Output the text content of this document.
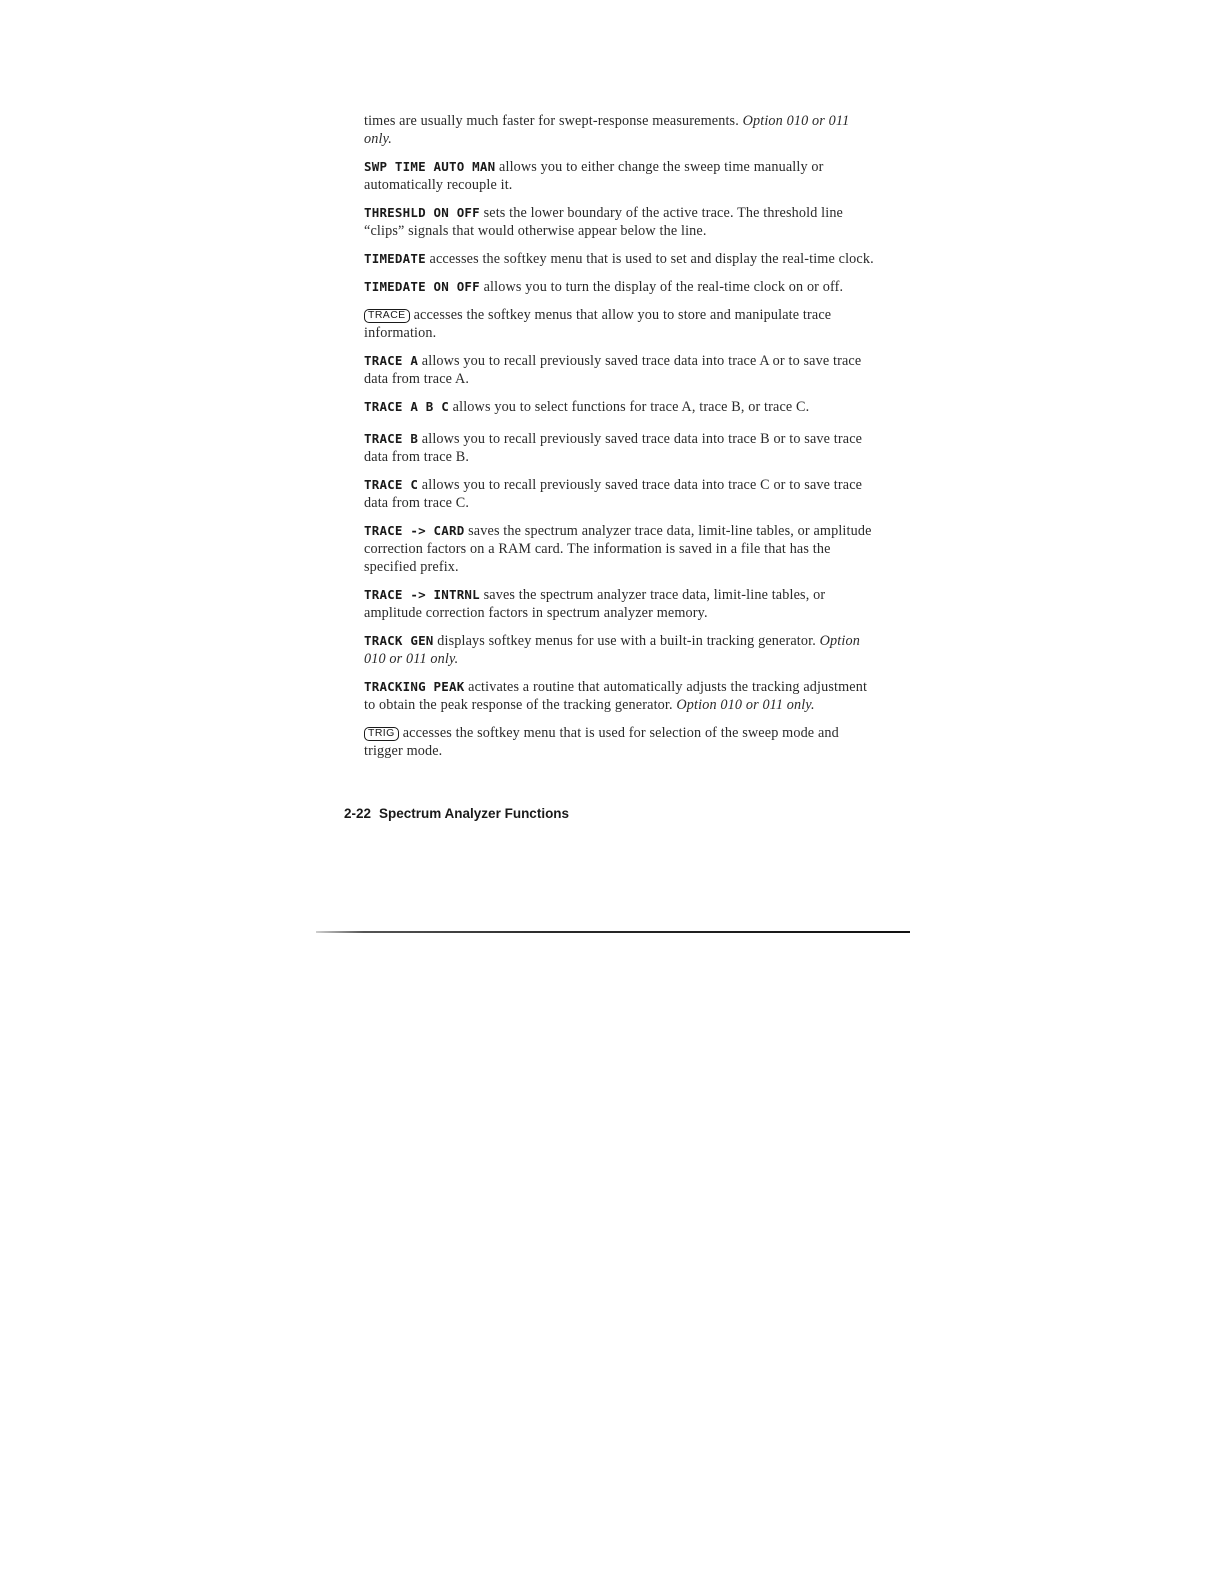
times are usually much faster for swept-response measurements. Option 010 or 011 only.

SWP TIME AUTO MAN allows you to either change the sweep time manually or automatically recouple it.

THRESHLD ON OFF sets the lower boundary of the active trace. The threshold line “clips” signals that would otherwise appear below the line.

TIMEDATE accesses the softkey menu that is used to set and display the real-time clock.

TIMEDATE ON OFF allows you to turn the display of the real-time clock on or off.

TRACE accesses the softkey menus that allow you to store and manipulate trace information.

TRACE A allows you to recall previously saved trace data into trace A or to save trace data from trace A.

TRACE A B C allows you to select functions for trace A, trace B, or trace C.

TRACE B allows you to recall previously saved trace data into trace B or to save trace data from trace B.

TRACE C allows you to recall previously saved trace data into trace C or to save trace data from trace C.

TRACE -> CARD saves the spectrum analyzer trace data, limit-line tables, or amplitude correction factors on a RAM card. The information is saved in a file that has the specified prefix.

TRACE -> INTRNL saves the spectrum analyzer trace data, limit-line tables, or amplitude correction factors in spectrum analyzer memory.

TRACK GEN displays softkey menus for use with a built-in tracking generator. Option 010 or 011 only.

TRACKING PEAK activates a routine that automatically adjusts the tracking adjustment to obtain the peak response of the tracking generator. Option 010 or 011 only.

TRIG accesses the softkey menu that is used for selection of the sweep mode and trigger mode.

2-22 Spectrum Analyzer Functions
